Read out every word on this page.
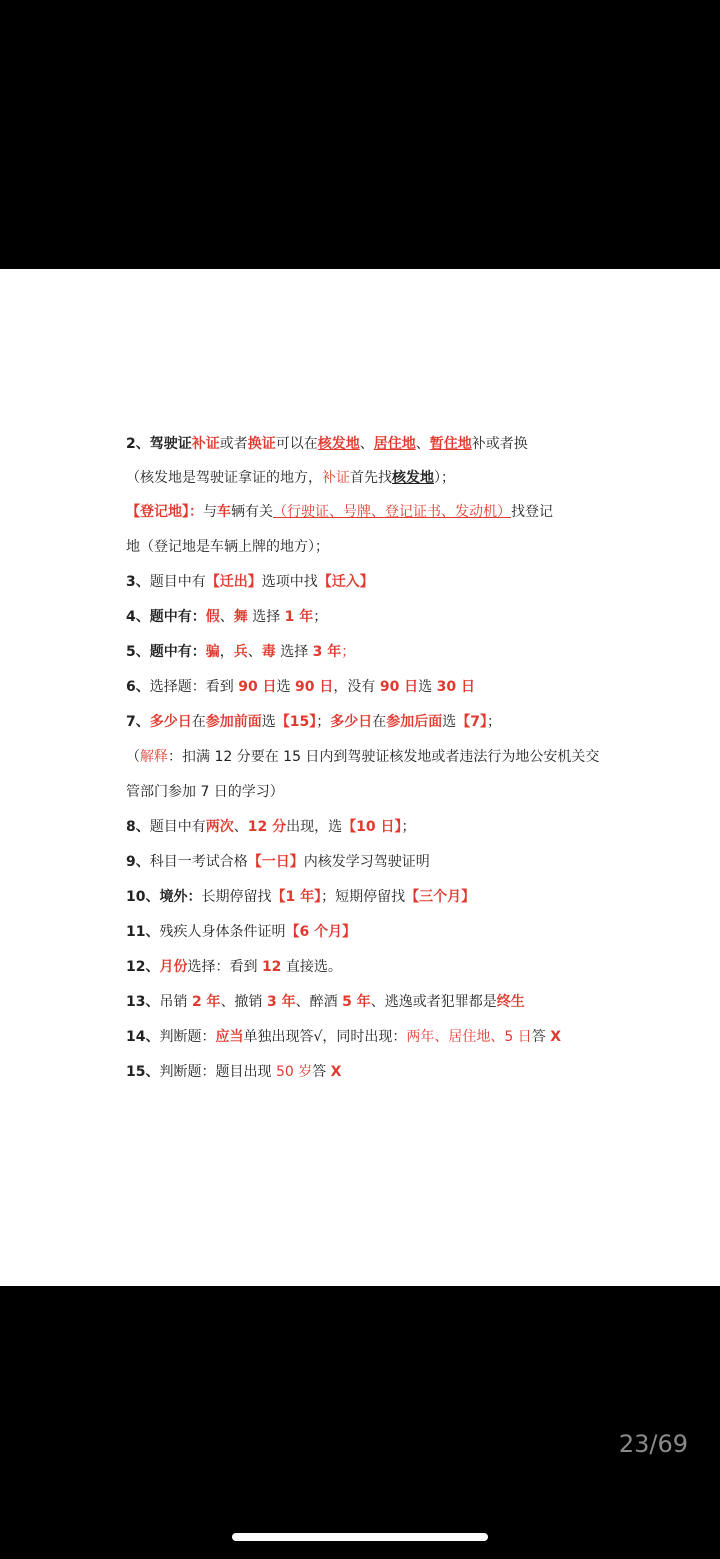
2、驾驶证补证或者换证可以在核发地、居住地、暂住地补或者换
（核发地是驾驶证拿证的地方，补证首先找核发地）；
【登记地】：与车辆有关（行驶证、号牌、登记证书、发动机）找登记
地（登记地是车辆上牌的地方）；
3、题目中有【迁出】选项中找【迁入】
4、题中有：假、舞 选择 1 年；
5、题中有：骗，兵、毒 选择 3 年；
6、选择题：看到 90 日选 90 日，没有 90 日选 30 日
7、多少日在参加前面选【15】；多少日在参加后面选【7】；
（解释：扣满 12 分要在 15 日内到驾驶证核发地或者违法行为地公安机关交
管部门参加 7 日的学习）
8、题目中有两次、12 分出现，选【10 日】；
9、科目一考试合格【一日】内核发学习驾驶证明
10、境外：长期停留找【1 年】；短期停留找【三个月】
11、残疾人身体条件证明【6 个月】
12、月份选择：看到 12 直接选。
13、吊销 2 年、撤销 3 年、醉酒 5 年、逃逸或者犯罪都是终生
14、判断题：应当单独出现答√，同时出现：两年、居住地、5 日答 X
15、判断题：题目出现 50 岁答 X
23/69
